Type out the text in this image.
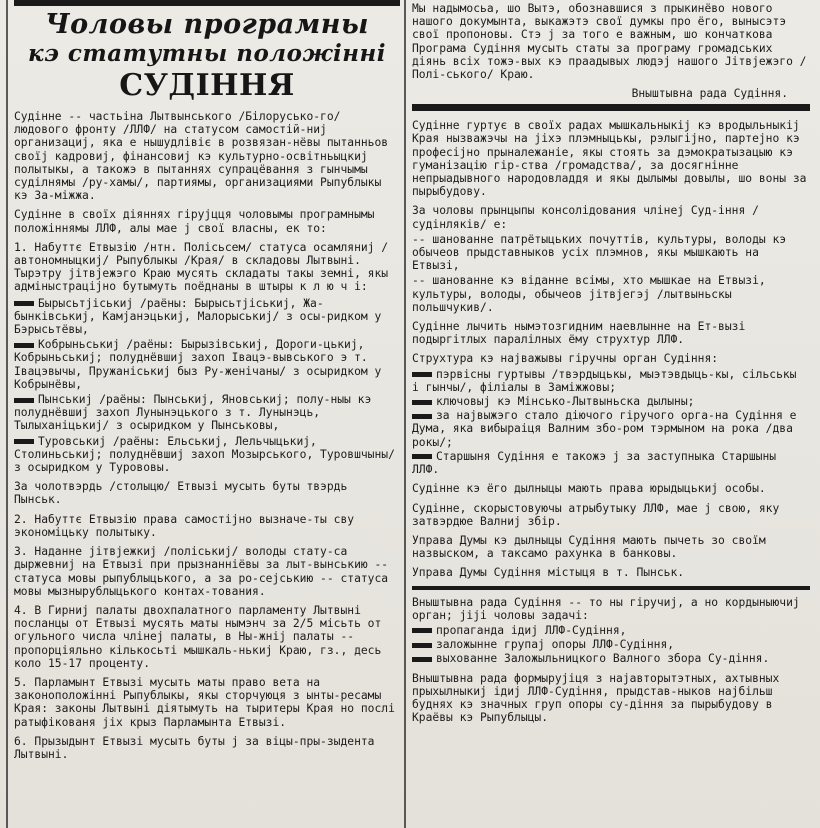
Чоловы програмны
кэ статутны положінні
СУДІННЯ

Судінне -- частьіна Лытвынського /Білорусько-го/ людового фронту /ЛЛФ/ на статусом самостій-ниј организациј, яка е нышудлівіє в розвязан-нёвы пытанньов своїј кадровиј, фінансовиј кэ культурно-освітньыцкиј полытыкы, а такожэ в пытаннях супрацёвання з гынчымы суділнямы /ру-хамы/, партиямы, организациями Рыпублыкы кэ За-міжжа.

Судінне в своїх діяннях гірујцця чоловымы програмнымы положіннямы ЛЛФ, алы мае ј свої власны, ек то:

1. Набуттє Етвызію /нтн. Полісьсем/ статуса осамляниј /автономныцкиј/ Рыпублыкы /Края/ в складовы Лытвыні. Тырэтру јітвјежэго Краю мусять складаты такы земні, якы адміныстраціјно бутымуть поёднаны в штыры к л ю ч і:

Бырысьтјіськиј /раёны: Бырысьтјіськиј, Жа-бынківськиј, Камјанэцькиј, Малорыськиј/ з осы-ридком у Бэрысьтёвы,

Кобрыньськиј /раёны: Бырызівськиј, Дороги-цькиј, Кобрыньськиј; полуднёвшиј захоп Івацэ-вывського э т. Івацэвычы, Пружаніськиј быз Ру-женічаны/ з осыридком у Кобрынёвы,

Пынськиј /раёны: Пынськиј, Яновськиј; полу-ныы кэ полуднёвшиј захоп Лунынэцького з т. Лунынэць, Тылыханіцькиј/ з осыридком у Пынськовы,

Туровськиј /раёны: Ельськиј, Лельчыцькиј, Столиньськиј; полуднёвшиј захоп Мозырського, Туровшчыны/ з осыридком у Турововы.

За чолотвэрдь /столыцю/ Етвызі мусыть буты твэрдь Пынськ.

2. Набуттє Етвызію права самостіјно вызначе-ты сву экономіцьку полытыку.

3. Наданне јітвјежкиј /поліськиј/ володы стату-са дыржевниј на Етвызі при прызнанніёвы за лыт-вынськию -- статуса мовы рыпублыцького, а за ро-сејськию -- статуса мовы мызнырублыцького контах-тования.

4. В Гирниј палаты двохпалатного парламенту Лытвыні посланцы от Етвызі мусять маты нымэнч за 2/5 місьть от огульного числа члінеј палаты, в Ны-жніј палаты -- пропорціяльно кількосьті мышкаль-нькиј Краю, гз., десь коло 15-17 проценту.

5. Парламынт Етвызі мусыть маты право вета на законоположінні Рыпублыкы, якы сторчуюця з ынты-ресамы Края: законы Лытвыні діятымуть на тыритеры Края но послі ратыфікованя јіх крыз Парламынта Етвызі.

6. Прызыдынт Етвызі мусыть буты ј за віцы-пры-зыдента Лытвыні.

Мы надымосьа, шо Вытэ, обознавшися з прыкинёво нового нашого докумынта, выкажэтэ свої думкы про ёго, вынысэтэ свої пропоновы. Стэ ј за того е важным, шо кончаткова Програма Судіння мусыть статы за програму громадських діянь всіх тожэ-вых кэ праадывых людэј нашого Јітвјежэго /Полі-ського/ Краю.

Вныштывна рада Судіння.

Судінне гуртує в своїх радах мышкальныкіј кэ вродыльныкіј Края нызважэчы на јіхэ плэмныцькы, рэлыгіјно, партејно кэ професіјно прыналежаніе, якы стоять за дэмократызацыю кэ гуманізацію гір-ства /громадства/, за досягнінне непрыадывного народовладдя и якы дылымы довылы, шо воны за пырыбудову.

За чоловы прынцыпы консолідования члінеј Суд-іння /судінляків/ е:

-- шанованне патрётыцьких почуттів, культуры, володы кэ обычеов прыдставныков усіх плэмнов, якы мышкають на Етвызі,

-- шанованне кэ віданне всімы, хто мышкае на Етвызі, культуры, володы, обычеов јітвјегэј /лытвыньскы польшчукив/.

Судінне лычить нымэтозгидним наевлынне на Ет-вызі подыргітлых паралілных ёму струхтур ЛЛФ.

Струхтура кэ најважывы гіручны орган Судіння:

пэрвісны гуртывы /твэрдыцькы, мыэтэвдыць-кы, сільськы і гынчы/, філіалы в Заміжжовы;

ключовыј кэ Мінсько-Лытвыньска дылыны;

за највыжэго стало діючого гіручого орга-на Судіння е Дума, яка вибыраіця Валним збо-ром тэрмыном на рока /два рокы/;

Старшыня Судіння е такожэ ј за заступныка Старшыны ЛЛФ.

Судінне кэ ёго дылныцы мають права юрыдыцькиј особы.

Судінне, скорыстовуючы атрыбутыку ЛЛФ, мае ј свою, яку затвэрдюе Валниј збір.

Управа Думы кэ дылныцы Судіння мають пычеть зо своїм назвыском, а таксамо рахунка в банковы.

Управа Думы Судіння містыця в т. Пынськ.

Вныштывна рада Судіння -- то ны гіручиј, а но кордыныючиј орган; јіјі чоловы задачі:

пропаганда ідиј ЛЛФ-Судіння,

заложынне групај опоры ЛЛФ-Судіння,

выхованне Заложыльницкого Валного збора Су-діння.

Вныштывна рада формырујіця з најавторытэтных, ахтывных прыхылныкиј ідиј ЛЛФ-Судіння, прыдстав-ныков најбільш буднях кэ значных груп опоры су-діння за пырыбудову в Краёвы кэ Рыпублыцы.
